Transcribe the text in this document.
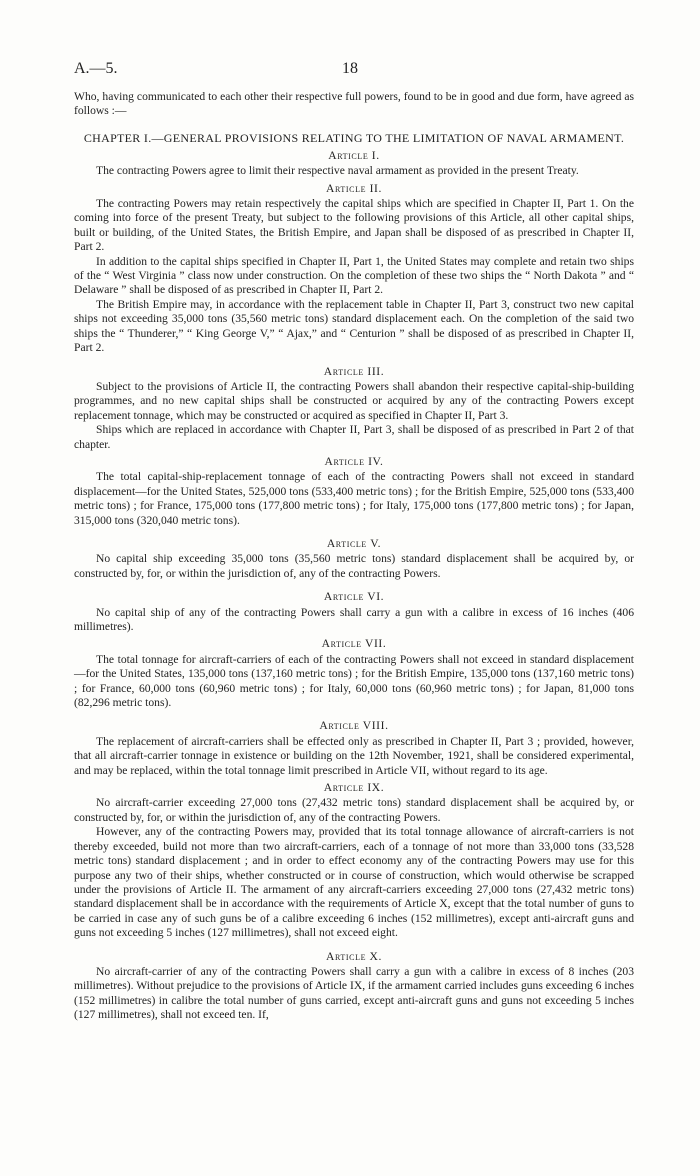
A.—5.	18

Who, having communicated to each other their respective full powers, found to be in good and due form, have agreed as follows :—

CHAPTER I.—GENERAL PROVISIONS RELATING TO THE LIMITATION OF NAVAL ARMAMENT.
Article I.

The contracting Powers agree to limit their respective naval armament as provided in the present Treaty.

Article II.

The contracting Powers may retain respectively the capital ships which are specified in Chapter II, Part 1. On the coming into force of the present Treaty, but subject to the following provisions of this Article, all other capital ships, built or building, of the United States, the British Empire, and Japan shall be disposed of as prescribed in Chapter II, Part 2.

In addition to the capital ships specified in Chapter II, Part 1, the United States may complete and retain two ships of the “ West Virginia ” class now under construction. On the completion of these two ships the “ North Dakota ” and “ Delaware ” shall be disposed of as prescribed in Chapter II, Part 2.

The British Empire may, in accordance with the replacement table in Chapter II, Part 3, construct two new capital ships not exceeding 35,000 tons (35,560 metric tons) standard displacement each. On the completion of the said two ships the “ Thunderer,” “ King George V,” “ Ajax,” and “ Centurion ” shall be disposed of as prescribed in Chapter II, Part 2.

Article III.

Subject to the provisions of Article II, the contracting Powers shall abandon their respective capital-ship-building programmes, and no new capital ships shall be constructed or acquired by any of the contracting Powers except replacement tonnage, which may be constructed or acquired as specified in Chapter II, Part 3.

Ships which are replaced in accordance with Chapter II, Part 3, shall be disposed of as prescribed in Part 2 of that chapter.

Article IV.

The total capital-ship-replacement tonnage of each of the contracting Powers shall not exceed in standard displacement—for the United States, 525,000 tons (533,400 metric tons) ; for the British Empire, 525,000 tons (533,400 metric tons) ; for France, 175,000 tons (177,800 metric tons) ; for Italy, 175,000 tons (177,800 metric tons) ; for Japan, 315,000 tons (320,040 metric tons).

Article V.

No capital ship exceeding 35,000 tons (35,560 metric tons) standard displacement shall be acquired by, or constructed by, for, or within the jurisdiction of, any of the contracting Powers.

Article VI.

No capital ship of any of the contracting Powers shall carry a gun with a calibre in excess of 16 inches (406 millimetres).

Article VII.

The total tonnage for aircraft-carriers of each of the contracting Powers shall not exceed in standard displacement—for the United States, 135,000 tons (137,160 metric tons) ; for the British Empire, 135,000 tons (137,160 metric tons) ; for France, 60,000 tons (60,960 metric tons) ; for Italy, 60,000 tons (60,960 metric tons) ; for Japan, 81,000 tons (82,296 metric tons).

Article VIII.

The replacement of aircraft-carriers shall be effected only as prescribed in Chapter II, Part 3 ; provided, however, that all aircraft-carrier tonnage in existence or building on the 12th November, 1921, shall be considered experimental, and may be replaced, within the total tonnage limit prescribed in Article VII, without regard to its age.

Article IX.

No aircraft-carrier exceeding 27,000 tons (27,432 metric tons) standard displacement shall be acquired by, or constructed by, for, or within the jurisdiction of, any of the contracting Powers.

However, any of the contracting Powers may, provided that its total tonnage allowance of aircraft-carriers is not thereby exceeded, build not more than two aircraft-carriers, each of a tonnage of not more than 33,000 tons (33,528 metric tons) standard displacement ; and in order to effect economy any of the contracting Powers may use for this purpose any two of their ships, whether constructed or in course of construction, which would otherwise be scrapped under the provisions of Article II. The armament of any aircraft-carriers exceeding 27,000 tons (27,432 metric tons) standard displacement shall be in accordance with the requirements of Article X, except that the total number of guns to be carried in case any of such guns be of a calibre exceeding 6 inches (152 millimetres), except anti-aircraft guns and guns not exceeding 5 inches (127 millimetres), shall not exceed eight.

Article X.

No aircraft-carrier of any of the contracting Powers shall carry a gun with a calibre in excess of 8 inches (203 millimetres). Without prejudice to the provisions of Article IX, if the armament carried includes guns exceeding 6 inches (152 millimetres) in calibre the total number of guns carried, except anti-aircraft guns and guns not exceeding 5 inches (127 millimetres), shall not exceed ten. If,
